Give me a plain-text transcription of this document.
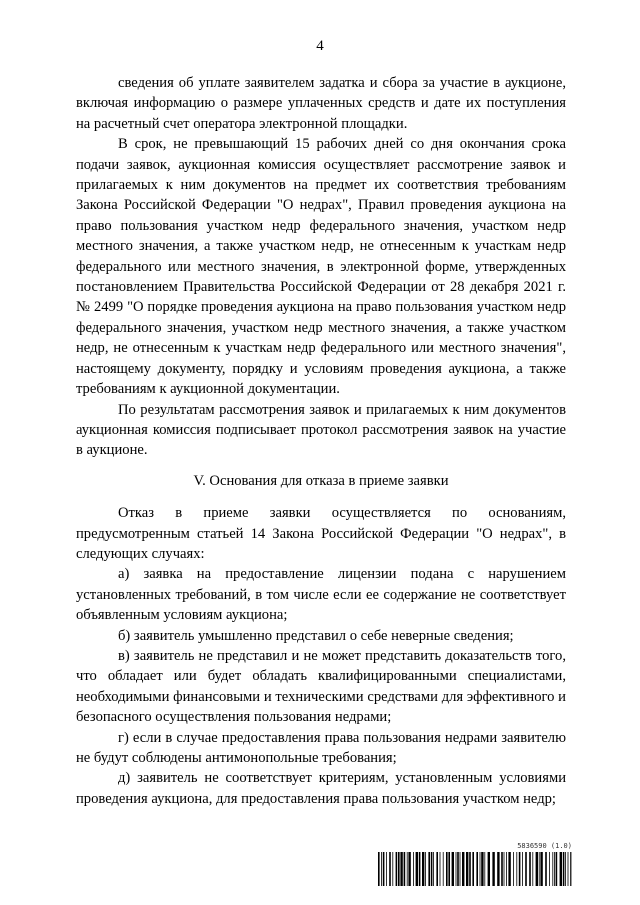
4

сведения об уплате заявителем задатка и сбора за участие в аукционе, включая информацию о размере уплаченных средств и дате их поступления на расчетный счет оператора электронной площадки.

В срок, не превышающий 15 рабочих дней со дня окончания срока подачи заявок, аукционная комиссия осуществляет рассмотрение заявок и прилагаемых к ним документов на предмет их соответствия требованиям Закона Российской Федерации "О недрах", Правил проведения аукциона на право пользования участком недр федерального значения, участком недр местного значения, а также участком недр, не отнесенным к участкам недр федерального или местного значения, в электронной форме, утвержденных постановлением Правительства Российской Федерации от 28 декабря 2021 г. № 2499 "О порядке проведения аукциона на право пользования участком недр федерального значения, участком недр местного значения, а также участком недр, не отнесенным к участкам недр федерального или местного значения", настоящему документу, порядку и условиям проведения аукциона, а также требованиям к аукционной документации.

По результатам рассмотрения заявок и прилагаемых к ним документов аукционная комиссия подписывает протокол рассмотрения заявок на участие в аукционе.

V. Основания для отказа в приеме заявки

Отказ в приеме заявки осуществляется по основаниям, предусмотренным статьей 14 Закона Российской Федерации "О недрах", в следующих случаях:

а) заявка на предоставление лицензии подана с нарушением установленных требований, в том числе если ее содержание не соответствует объявленным условиям аукциона;

б) заявитель умышленно представил о себе неверные сведения;

в) заявитель не представил и не может представить доказательств того, что обладает или будет обладать квалифицированными специалистами, необходимыми финансовыми и техническими средствами для эффективного и безопасного осуществления пользования недрами;

г) если в случае предоставления права пользования недрами заявителю не будут соблюдены антимонопольные требования;

д) заявитель не соответствует критериям, установленным условиями проведения аукциона, для предоставления права пользования участком недр;

5836590 (1.0)
